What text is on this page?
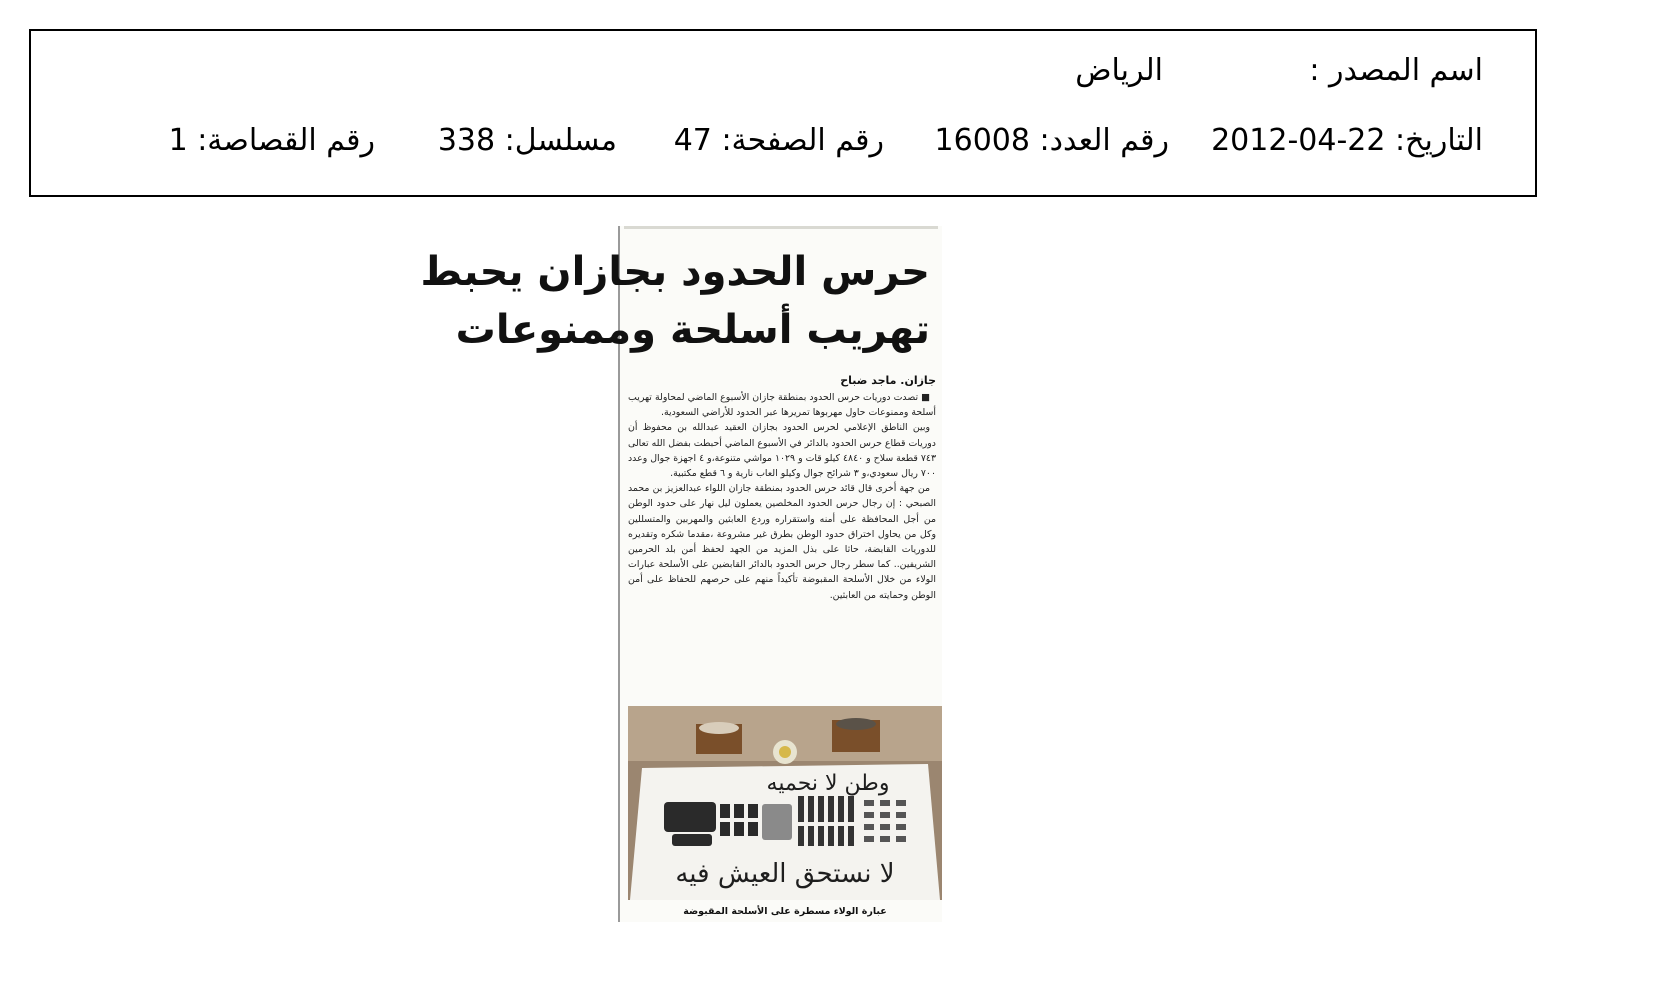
اسم المصدر :
الرياض
التاريخ: 22-04-2012
رقم العدد: 16008
رقم الصفحة: 47
مسلسل: 338
رقم القصاصة: 1
حرس الحدود بجازان يحبط
تهريب أسلحة وممنوعات
جازان. ماجد ضباح

■ تصدت دوريات حرس الحدود بمنطقة جازان الأسبوع الماضي لمحاولة تهريب أسلحة وممنوعات حاول مهربوها تمريرها عبر الحدود للأراضي السعودية.

وبين الناطق الإعلامي لحرس الحدود بجازان العقيد عبدالله بن محفوظ أن دوريات قطاع حرس الحدود بالدائر في الأسبوع الماضي أحبطت بفضل الله تعالى ٧٤٣ قطعة سلاح و ٤٨٤٠ كيلو قات و ١٠٢٩ مواشي متنوعة،و ٤ اجهزة جوال وعدد ٧٠٠ ريال سعودي،و ٣ شرائح جوال وكيلو العاب نارية و ٦ قطع مكتبية.

من جهة أخرى قال قائد حرس الحدود بمنطقة جازان اللواء عبدالعزيز بن محمد الصبحي : إن رجال حرس الحدود المخلصين يعملون ليل نهار على حدود الوطن من أجل المحافظة على أمنه واستقراره وردع العابثين والمهربين والمتسللين وكل من يحاول اختراق حدود الوطن بطرق غير مشروعة ،مقدما شكره وتقديره للدوريات القابضة، حاثا على بذل المزيد من الجهد لحفظ أمن بلد الحرمين الشريفين.. كما سطر رجال حرس الحدود بالدائر القابضين على الأسلحة عبارات الولاء من خلال الأسلحة المقبوضة تأكيداً منهم على حرصهم للحفاظ على أمن الوطن وحمايته من العابثين.

وطن لا نحميه
لا نستحق العيش فيه
عبارة الولاء مسطرة على الأسلحة المقبوضة
